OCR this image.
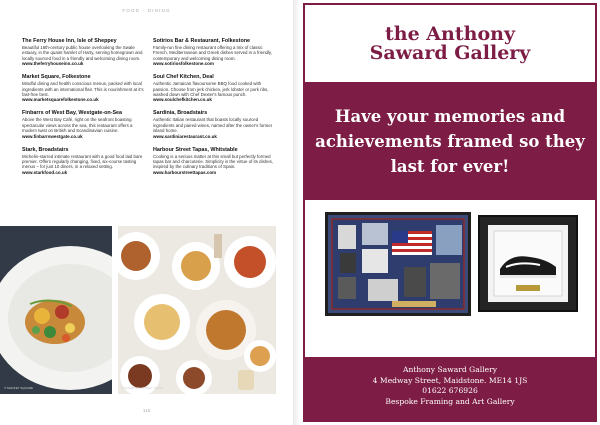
FOOD · DINING
The Ferry House Inn, Isle of Sheppey
Beautiful 16th-century public house overlooking the Swale estuary, in the quaint hamlet of Harty, serving homegrown and locally sourced food in a friendly and welcoming dining room.
www.theferryhouseinn.co.uk
Market Square, Folkestone
Mindful dining and health conscious menus, packed with local ingredients with an international flair. This is nourishment at it's fast-free best.
www.marketsquarefolkestone.co.uk
Finbarrs of West Bay, Westgate-on-Sea
Above the West Bay Café, right on the seafront boasting spectacular views across the sea, this restaurant offers a modern twist on British and Scandinavian cuisine.
www.finbarrswestgate.co.uk
Stark, Broadstairs
Michelin-starred intimate restaurant with a good food laid bare premier. Offers regularly changing, fixed, six-course tasting menus – for just 10 diners, in a relaxed setting.
www.starkfood.co.uk
Sotirios Bar & Restaurant, Folkestone
Family-run fine dining restaurant offering a mix of classic French, Mediterranean and Greek dishes served in a friendly, contemporary and welcoming dining room.
www.sotiriosfolkestone.com
Soul Chef Kitchen, Deal
Authentic Jamaican flavoursome BBQ food cooked with passion. Choose from jerk chicken, jerk lobster or pork ribs, washed down with Chef Dexter's famous punch.
www.soulchefkitchen.co.uk
Sardinia, Broadstairs
Authentic Italian restaurant that boasts locally sourced ingredients and paired wines, named after the owner's former island home.
www.sardiniarestaurant.co.uk
Harbour Street Tapas, Whitstable
Cooking is a serious matter at this small but perfectly formed tapas bar and charcuterie. Simplicity is the virtue of its dishes, inspired by the culinary traditions of Spain.
www.harbourstreettapas.com
© MARKET SQUARE	© HARBOUR STREET TAPAS
116
the Anthony
Saward Gallery
Have your memories and achievements framed so they last for ever!
Anthony Saward Gallery
4 Medway Street, Maidstone. ME14 1JS
01622 676926
Bespoke Framing and Art Gallery
